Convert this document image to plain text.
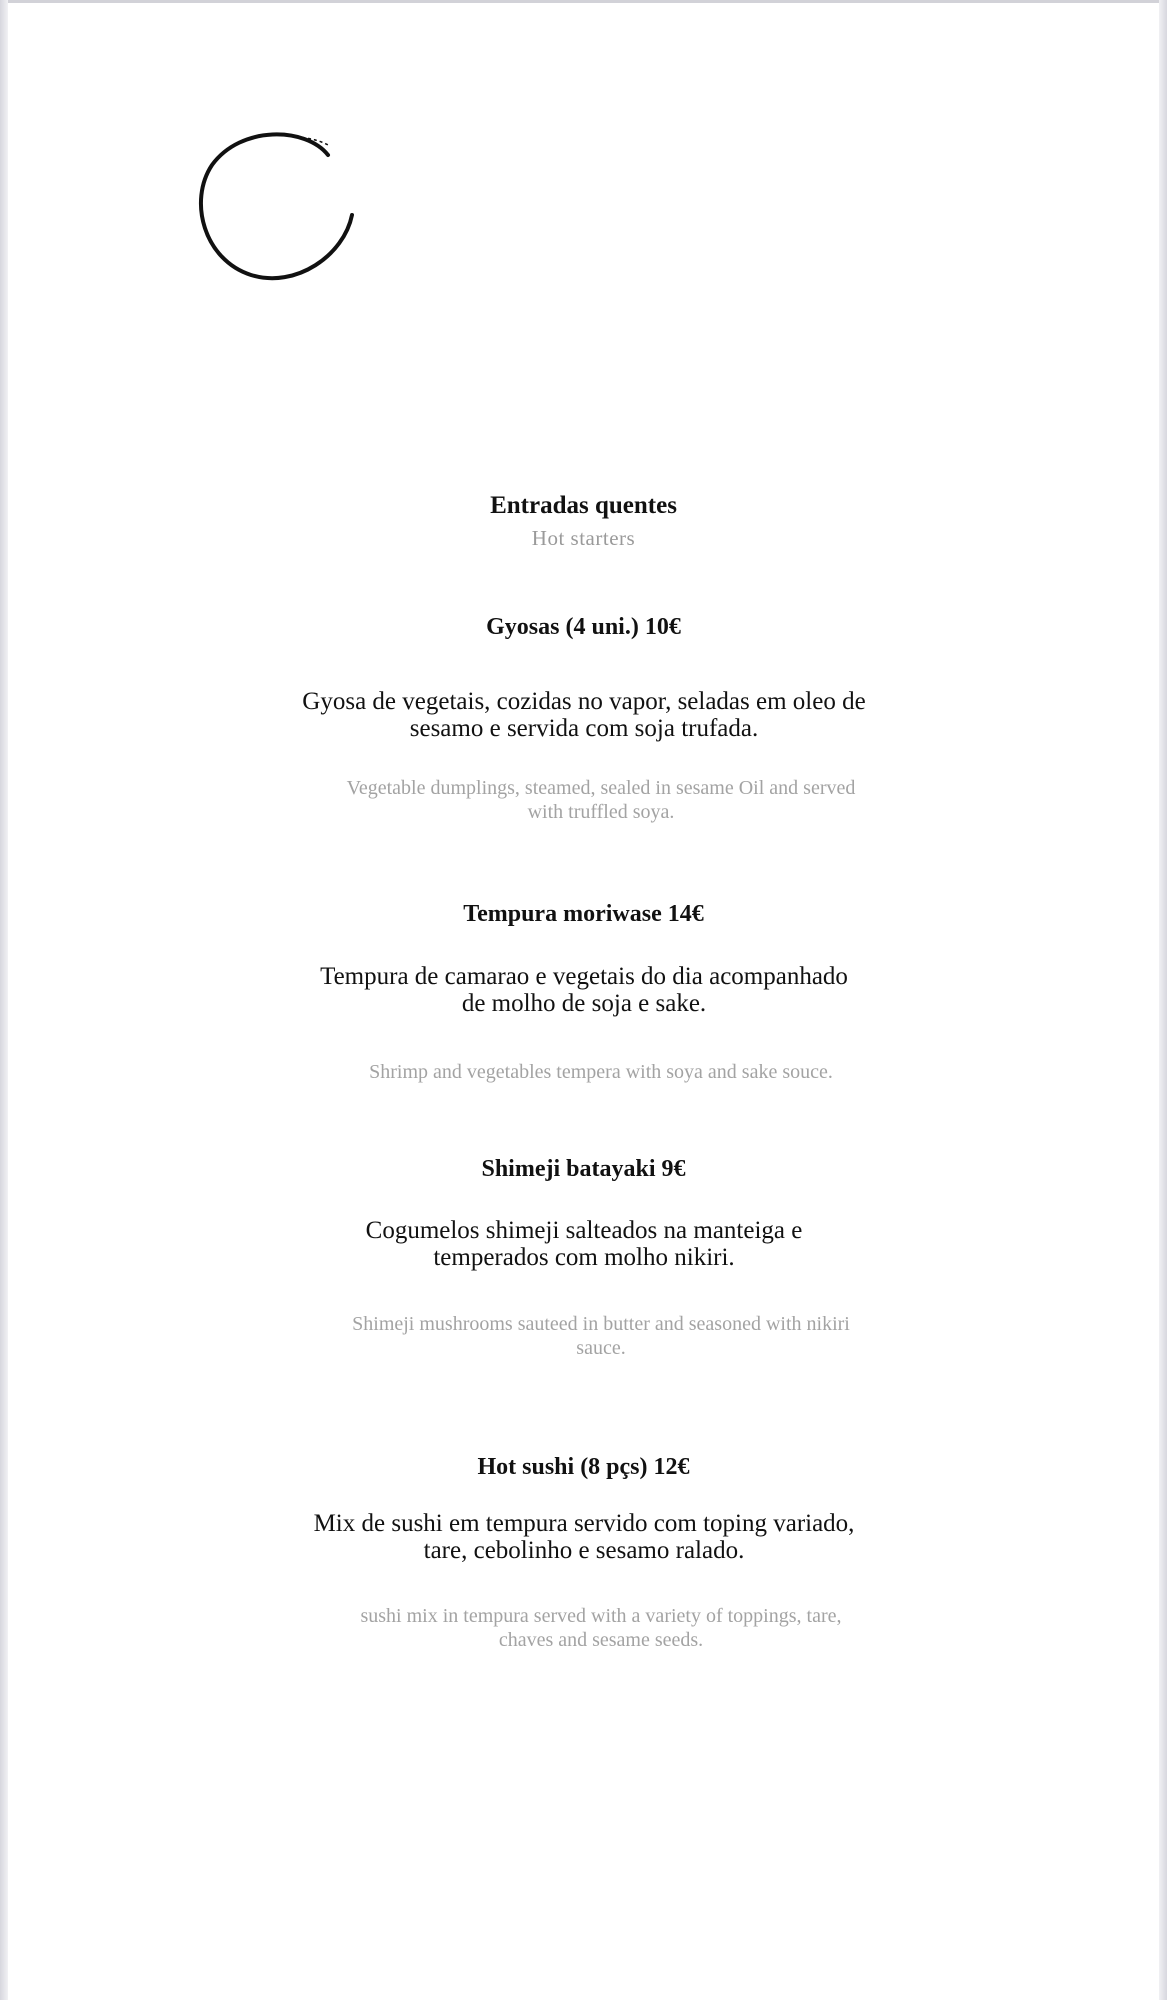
Entradas quentes
Hot starters
Gyosas (4 uni.) 10€
Gyosa de vegetais, cozidas no vapor, seladas em oleo de
sesamo e servida com soja trufada.
Vegetable dumplings, steamed, sealed in sesame Oil and served
with truffled soya.
Tempura moriwase 14€
Tempura de camarao e vegetais do dia acompanhado
de molho de soja e sake.
Shrimp and vegetables tempera with soya and sake souce.
Shimeji batayaki 9€
Cogumelos shimeji salteados na manteiga e
temperados com molho nikiri.
Shimeji mushrooms sauteed in butter and seasoned with nikiri
sauce.
Hot sushi (8 pçs) 12€
Mix de sushi em tempura servido com toping variado,
tare, cebolinho e sesamo ralado.
sushi mix in tempura served with a variety of toppings, tare,
chaves and sesame seeds.
